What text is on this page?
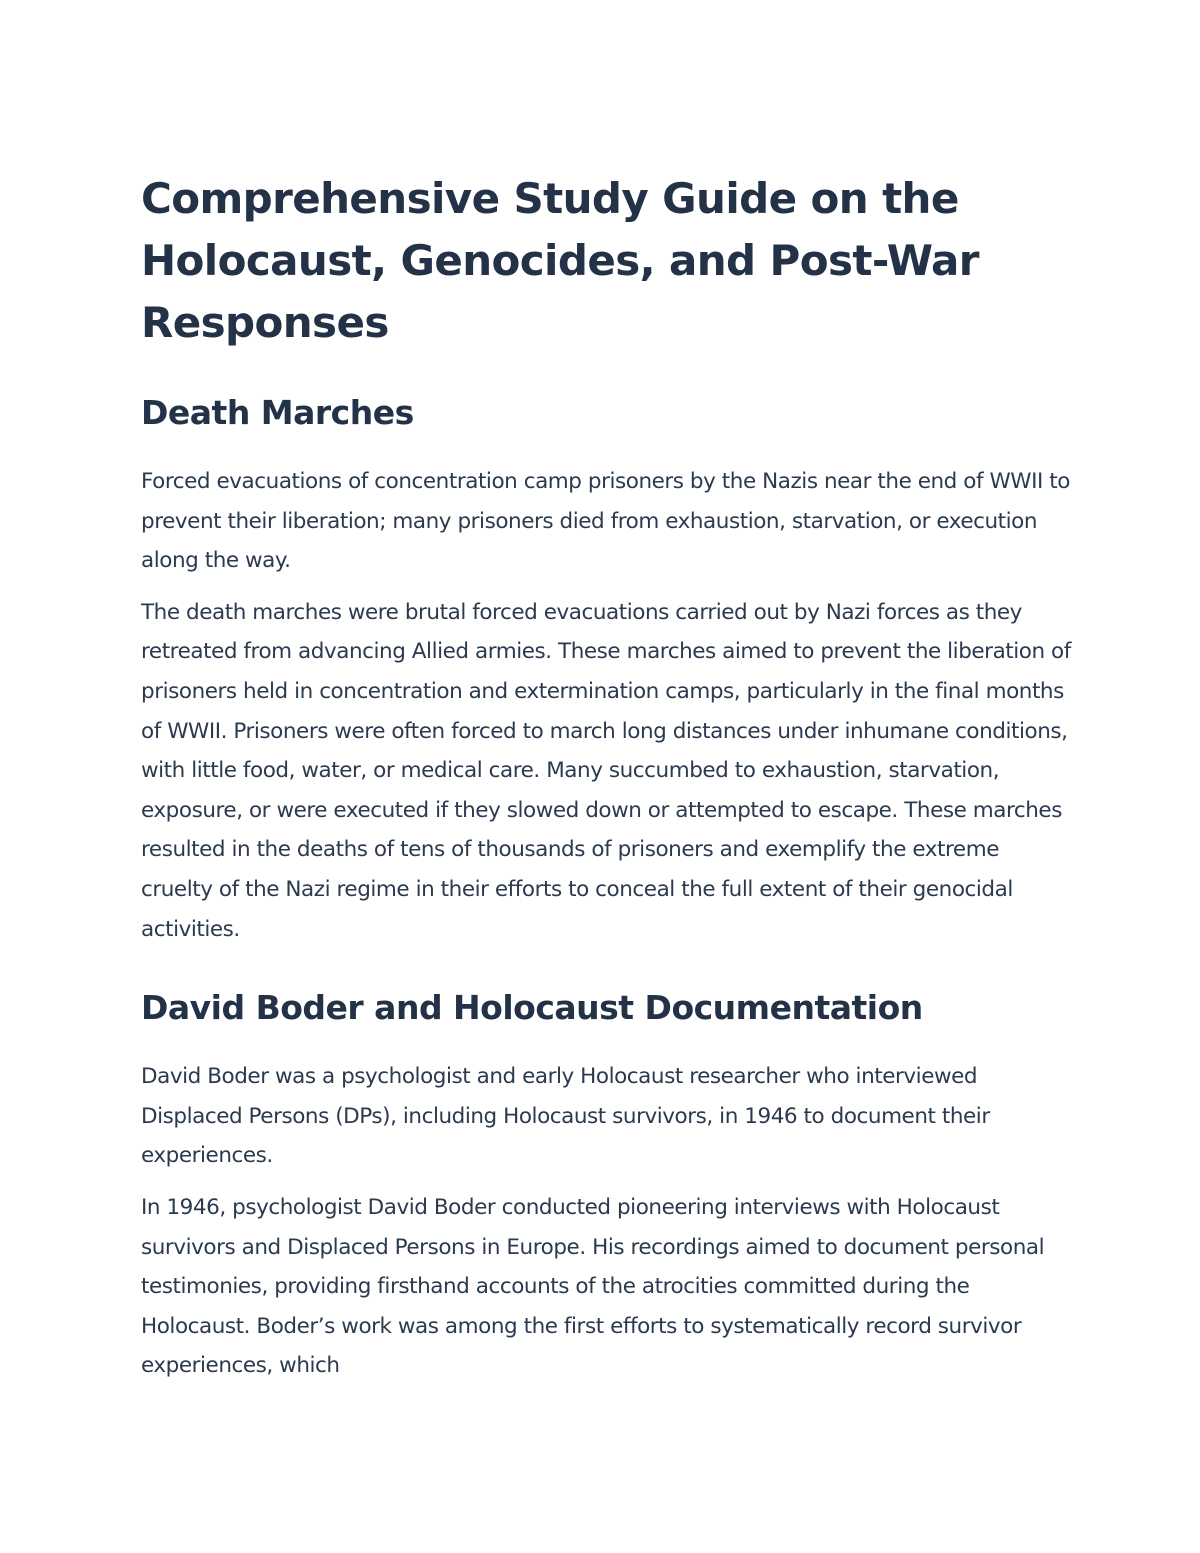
Comprehensive Study Guide on the Holocaust, Genocides, and Post-War Responses
Death Marches

Forced evacuations of concentration camp prisoners by the Nazis near the end of WWII to prevent their liberation; many prisoners died from exhaustion, starvation, or execution along the way.

The death marches were brutal forced evacuations carried out by Nazi forces as they retreated from advancing Allied armies. These marches aimed to prevent the liberation of prisoners held in concentration and extermination camps, particularly in the final months of WWII. Prisoners were often forced to march long distances under inhumane conditions, with little food, water, or medical care. Many succumbed to exhaustion, starvation, exposure, or were executed if they slowed down or attempted to escape. These marches resulted in the deaths of tens of thousands of prisoners and exemplify the extreme cruelty of the Nazi regime in their efforts to conceal the full extent of their genocidal activities.

David Boder and Holocaust Documentation

David Boder was a psychologist and early Holocaust researcher who interviewed Displaced Persons (DPs), including Holocaust survivors, in 1946 to document their experiences.

In 1946, psychologist David Boder conducted pioneering interviews with Holocaust survivors and Displaced Persons in Europe. His recordings aimed to document personal testimonies, providing firsthand accounts of the atrocities committed during the Holocaust. Boder’s work was among the first efforts to systematically record survivor experiences, which
